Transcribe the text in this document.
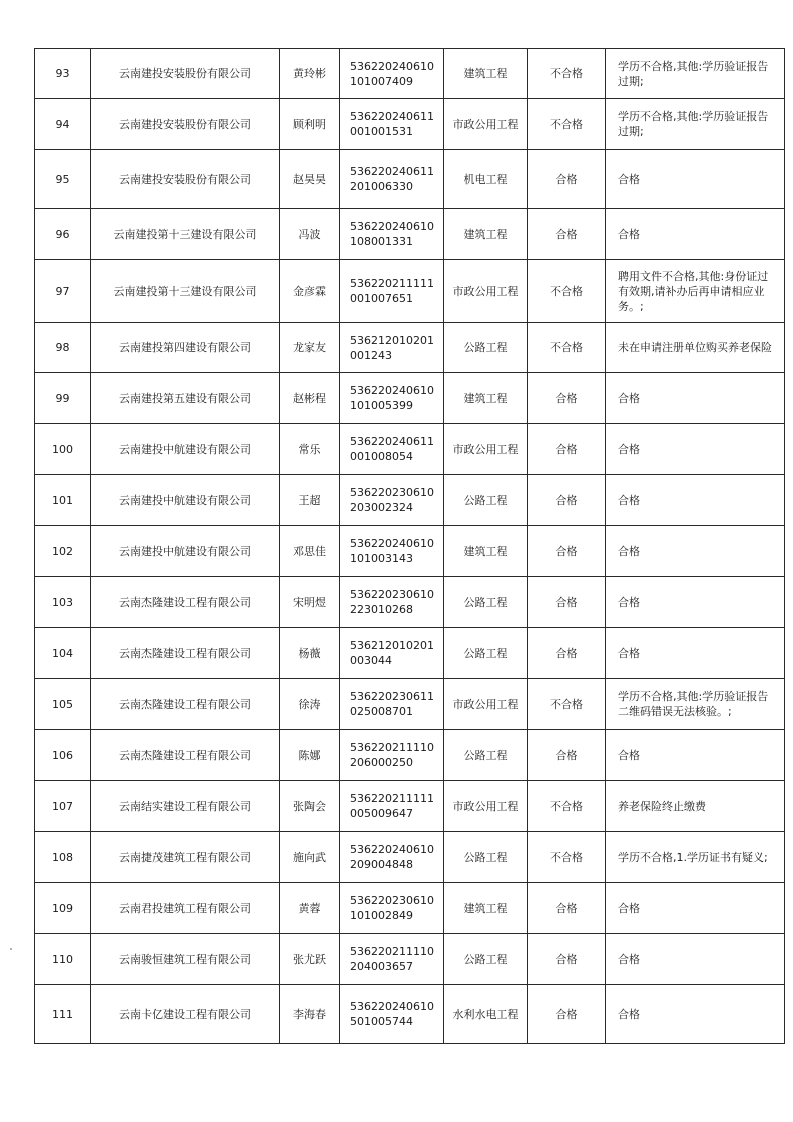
93	云南建投安装股份有限公司	黄玲彬	536220240610101007409	建筑工程	不合格	学历不合格,其他:学历验证报告过期;
94	云南建投安装股份有限公司	顾利明	536220240611001001531	市政公用工程	不合格	学历不合格,其他:学历验证报告过期;
95	云南建投安装股份有限公司	赵昊昊	536220240611201006330	机电工程	合格	合格
96	云南建投第十三建设有限公司	冯波	536220240610108001331	建筑工程	合格	合格
97	云南建投第十三建设有限公司	金彦霖	536220211111001007651	市政公用工程	不合格	聘用文件不合格,其他:身份证过有效期,请补办后再申请相应业务。;
98	云南建投第四建设有限公司	龙家友	536212010201001243	公路工程	不合格	未在申请注册单位购买养老保险
99	云南建投第五建设有限公司	赵彬程	536220240610101005399	建筑工程	合格	合格
100	云南建投中航建设有限公司	常乐	536220240611001008054	市政公用工程	合格	合格
101	云南建投中航建设有限公司	王超	536220230610203002324	公路工程	合格	合格
102	云南建投中航建设有限公司	邓思佳	536220240610101003143	建筑工程	合格	合格
103	云南杰隆建设工程有限公司	宋明煜	536220230610223010268	公路工程	合格	合格
104	云南杰隆建设工程有限公司	杨薇	536212010201003044	公路工程	合格	合格
105	云南杰隆建设工程有限公司	徐涛	536220230611025008701	市政公用工程	不合格	学历不合格,其他:学历验证报告二维码错误无法核验。;
106	云南杰隆建设工程有限公司	陈娜	536220211110206000250	公路工程	合格	合格
107	云南结实建设工程有限公司	张陶会	536220211111005009647	市政公用工程	不合格	养老保险终止缴费
108	云南捷茂建筑工程有限公司	施向武	536220240610209004848	公路工程	不合格	学历不合格,1.学历证书有疑义;
109	云南君投建筑工程有限公司	黄蓉	536220230610101002849	建筑工程	合格	合格
110	云南骏恒建筑工程有限公司	张尤跃	536220211110204003657	公路工程	合格	合格
111	云南卡亿建设工程有限公司	李海春	536220240610501005744	水利水电工程	合格	合格
